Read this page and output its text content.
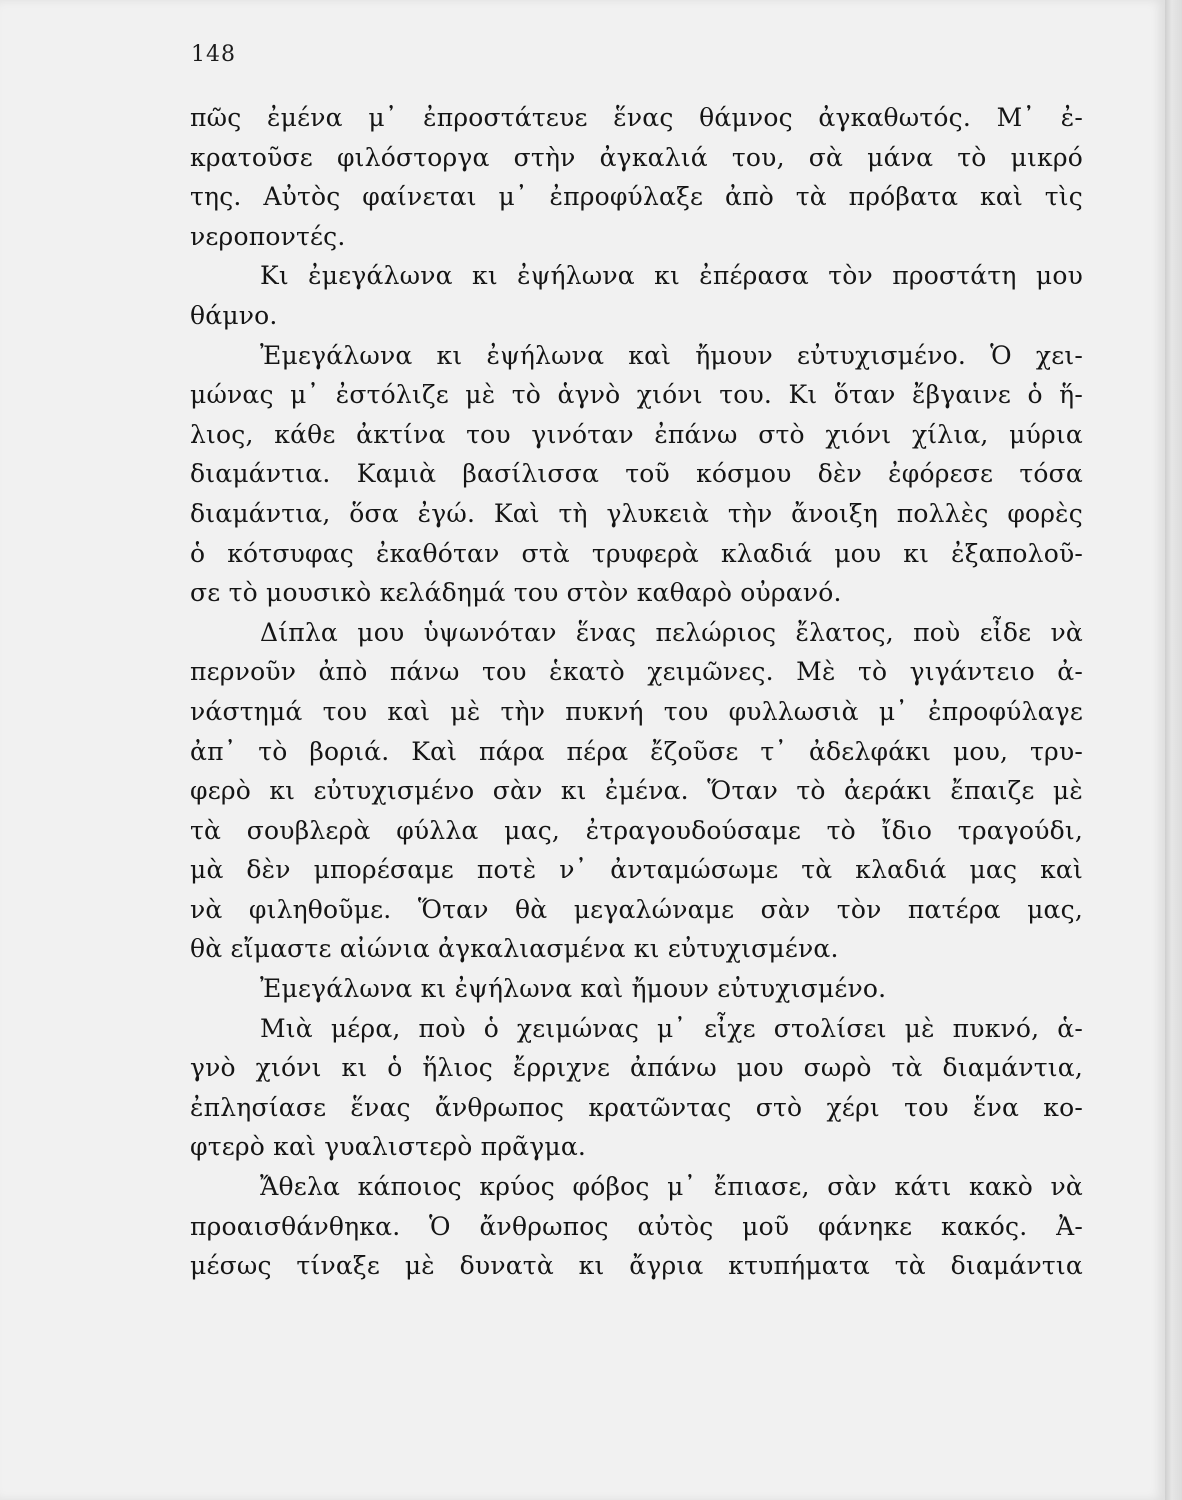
148
πῶς ἐμένα μ᾽ ἐπροστάτευε ἕνας θάμνος ἀγκαθωτός. Μ᾽ ἐ-
κρατοῦσε φιλόστοργα στὴν ἀγκαλιά του, σὰ μάνα τὸ μικρό
της. Αὐτὸς φαίνεται μ᾽ ἐπροφύλαξε ἀπὸ τὰ πρόβατα καὶ τὶς
νεροποντές.
Κι ἐμεγάλωνα κι ἐψήλωνα κι ἐπέρασα τὸν προστάτη μου
θάμνο.
Ἐμεγάλωνα κι ἐψήλωνα καὶ ἤμουν εὐτυχισμένο. Ὁ χει-
μώνας μ᾽ ἐστόλιζε μὲ τὸ ἁγνὸ χιόνι του. Κι ὅταν ἔβγαινε ὁ ἥ-
λιος, κάθε ἀκτίνα του γινόταν ἐπάνω στὸ χιόνι χίλια, μύρια
διαμάντια. Καμιὰ βασίλισσα τοῦ κόσμου δὲν ἐφόρεσε τόσα
διαμάντια, ὅσα ἐγώ. Καὶ τὴ γλυκειὰ τὴν ἄνοιξη πολλὲς φορὲς
ὁ κότσυφας ἐκαθόταν στὰ τρυφερὰ κλαδιά μου κι ἐξαπολοῦ-
σε τὸ μουσικὸ κελάδημά του στὸν καθαρὸ οὐρανό.
Δίπλα μου ὑψωνόταν ἕνας πελώριος ἔλατος, ποὺ εἶδε νὰ
περνοῦν ἀπὸ πάνω του ἑκατὸ χειμῶνες. Μὲ τὸ γιγάντειο ἀ-
νάστημά του καὶ μὲ τὴν πυκνή του φυλλωσιὰ μ᾽ ἐπροφύλαγε
ἀπ᾽ τὸ βοριά. Καὶ πάρα πέρα ἔζοῦσε τ᾽ ἀδελφάκι μου, τρυ-
φερὸ κι εὐτυχισμένο σὰν κι ἐμένα. Ὅταν τὸ ἀεράκι ἔπαιζε μὲ
τὰ σουβλερὰ φύλλα μας, ἐτραγουδούσαμε τὸ ἴδιο τραγούδι,
μὰ δὲν μπορέσαμε ποτὲ ν᾽ ἀνταμώσωμε τὰ κλαδιά μας καὶ
νὰ φιληθοῦμε. Ὅταν θὰ μεγαλώναμε σὰν τὸν πατέρα μας,
θὰ εἴμαστε αἰώνια ἀγκαλιασμένα κι εὐτυχισμένα.
Ἐμεγάλωνα κι ἐψήλωνα καὶ ἤμουν εὐτυχισμένο.
Μιὰ μέρα, ποὺ ὁ χειμώνας μ᾽ εἶχε στολίσει μὲ πυκνό, ἁ-
γνὸ χιόνι κι ὁ ἥλιος ἔρριχνε ἀπάνω μου σωρὸ τὰ διαμάντια,
ἐπλησίασε ἕνας ἄνθρωπος κρατῶντας στὸ χέρι του ἕνα κο-
φτερὸ καὶ γυαλιστερὸ πρᾶγμα.
Ἄθελα κάποιος κρύος φόβος μ᾽ ἔπιασε, σὰν κάτι κακὸ νὰ
προαισθάνθηκα. Ὁ ἄνθρωπος αὐτὸς μοῦ φάνηκε κακός. Ἀ-
μέσως τίναξε μὲ δυνατὰ κι ἄγρια κτυπήματα τὰ διαμάντια
